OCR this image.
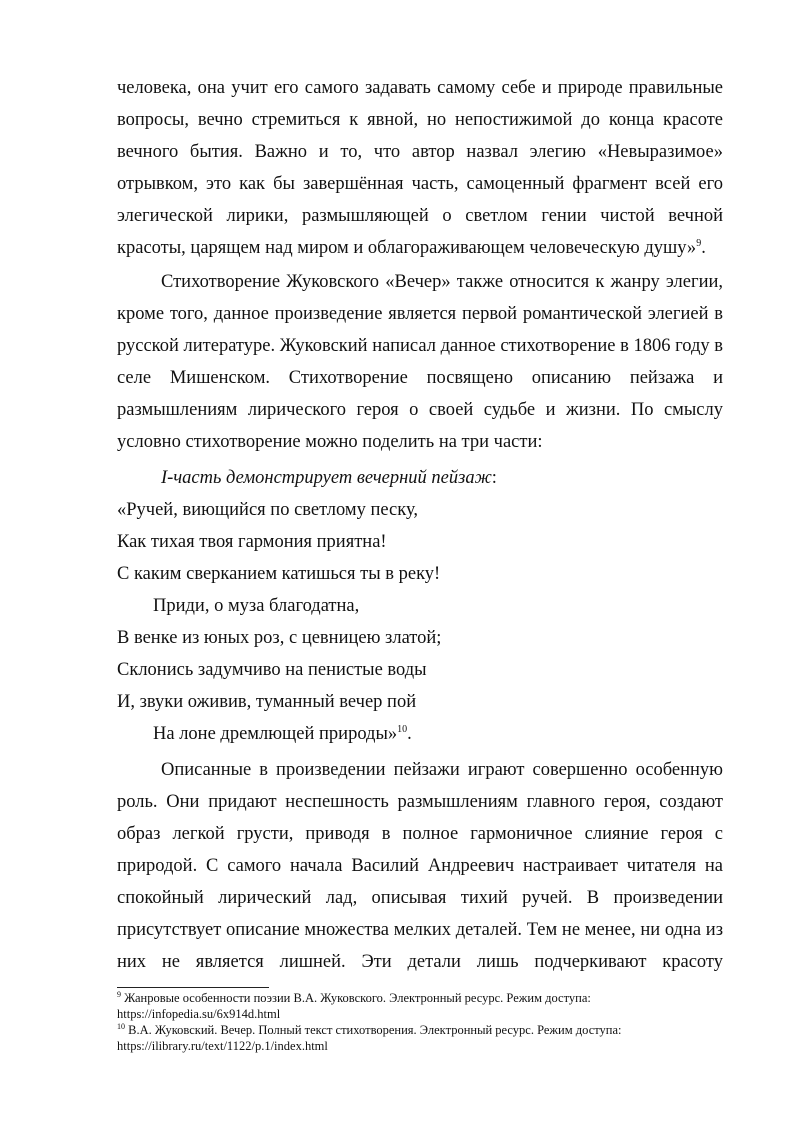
человека, она учит его самого задавать самому себе и природе правильные вопросы, вечно стремиться к явной, но непостижимой до конца красоте вечного бытия. Важно и то, что автор назвал элегию «Невыразимое» отрывком, это как бы завершённая часть, самоценный фрагмент всей его элегической лирики, размышляющей о светлом гении чистой вечной красоты, царящем над миром и облагораживающем человеческую душу»$^9$.

Стихотворение Жуковского «Вечер» также относится к жанру элегии, кроме того, данное произведение является первой романтической элегией в русской литературе. Жуковский написал данное стихотворение в 1806 году в селе Мишенском. Стихотворение посвящено описанию пейзажа и размышлениям лирического героя о своей судьбе и жизни. По смыслу условно стихотворение можно поделить на три части:

I-часть демонстрирует вечерний пейзаж:

«Ручей, виющийся по светлому песку,

Как тихая твоя гармония приятна!

С каким сверканием катишься ты в реку!

Приди, о муза благодатна,

В венке из юных роз, с цевницею златой;

Склонись задумчиво на пенистые воды

И, звуки оживив, туманный вечер пой

На лоне дремлющей природы»$^{10}$.

Описанные в произведении пейзажи играют совершенно особенную роль. Они придают неспешность размышлениям главного героя, создают образ легкой грусти, приводя в полное гармоничное слияние героя с природой. С самого начала Василий Андреевич настраивает читателя на спокойный лирический лад, описывая тихий ручей. В произведении присутствует описание множества мелких деталей. Тем не менее, ни одна из них не является лишней. Эти детали лишь подчеркивают красоту

$^9$ Жанровые особенности поэзии В.А. Жуковского. Электронный ресурс. Режим доступа:

https://infopedia.su/6x914d.html

$^{10}$ В.А. Жуковский. Вечер. Полный текст стихотворения. Электронный ресурс. Режим доступа:

https://ilibrary.ru/text/1122/p.1/index.html
